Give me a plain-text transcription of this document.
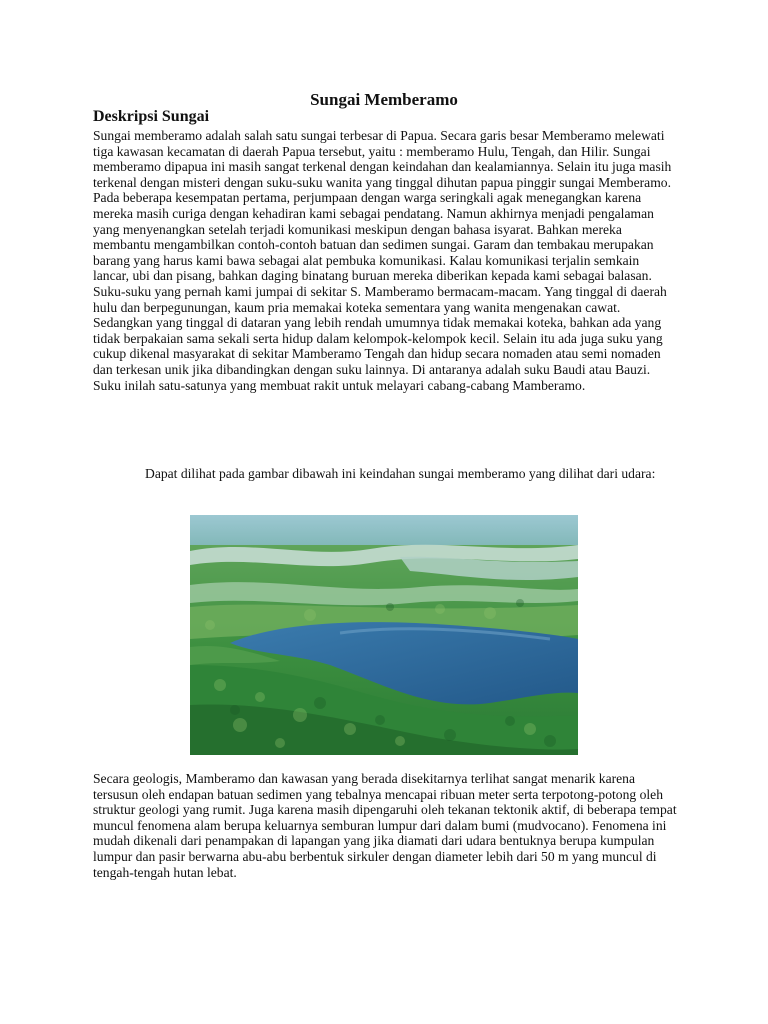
Sungai Memberamo
Deskripsi Sungai

Sungai memberamo adalah salah satu sungai terbesar di Papua. Secara garis besar Memberamo melewati tiga kawasan kecamatan di daerah Papua tersebut, yaitu : memberamo Hulu, Tengah, dan Hilir. Sungai memberamo dipapua ini masih sangat terkenal dengan keindahan dan kealamiannya. Selain itu juga masih terkenal dengan misteri dengan suku-suku wanita yang tinggal dihutan papua pinggir sungai Memberamo. Pada beberapa kesempatan pertama, perjumpaan dengan warga seringkali agak menegangkan karena mereka masih curiga dengan kehadiran kami sebagai pendatang. Namun akhirnya menjadi pengalaman yang menyenangkan setelah terjadi komunikasi meskipun dengan bahasa isyarat. Bahkan mereka membantu mengambilkan contoh-contoh batuan dan sedimen sungai. Garam dan tembakau merupakan barang yang harus kami bawa sebagai alat pembuka komunikasi. Kalau komunikasi terjalin semkain lancar, ubi dan pisang, bahkan daging binatang buruan mereka diberikan kepada kami sebagai balasan. Suku-suku yang pernah kami jumpai di sekitar S. Mamberamo bermacam-macam. Yang tinggal di daerah hulu dan berpegunungan, kaum pria memakai koteka sementara yang wanita mengenakan cawat. Sedangkan yang tinggal di dataran yang lebih rendah umumnya tidak memakai koteka, bahkan ada yang tidak berpakaian sama sekali serta hidup dalam kelompok-kelompok kecil. Selain itu ada juga suku yang cukup dikenal masyarakat di sekitar Mamberamo Tengah dan hidup secara nomaden atau semi nomaden dan terkesan unik jika dibandingkan dengan suku lainnya. Di antaranya adalah suku Baudi atau Bauzi. Suku inilah satu-satunya yang membuat rakit untuk melayari cabang-cabang Mamberamo.

Dapat dilihat pada gambar dibawah ini keindahan sungai memberamo yang dilihat dari udara:

Secara geologis, Mamberamo dan kawasan yang berada disekitarnya terlihat sangat menarik karena tersusun oleh endapan batuan sedimen yang tebalnya mencapai ribuan meter serta terpotong-potong oleh struktur geologi yang rumit. Juga karena masih dipengaruhi oleh tekanan tektonik aktif, di beberapa tempat muncul fenomena alam berupa keluarnya semburan lumpur dari dalam bumi (mudvocano). Fenomena ini mudah dikenali dari penampakan di lapangan yang jika diamati dari udara bentuknya berupa kumpulan lumpur dan pasir berwarna abu-abu berbentuk sirkuler dengan diameter lebih dari 50 m yang muncul di tengah-tengah hutan lebat.
